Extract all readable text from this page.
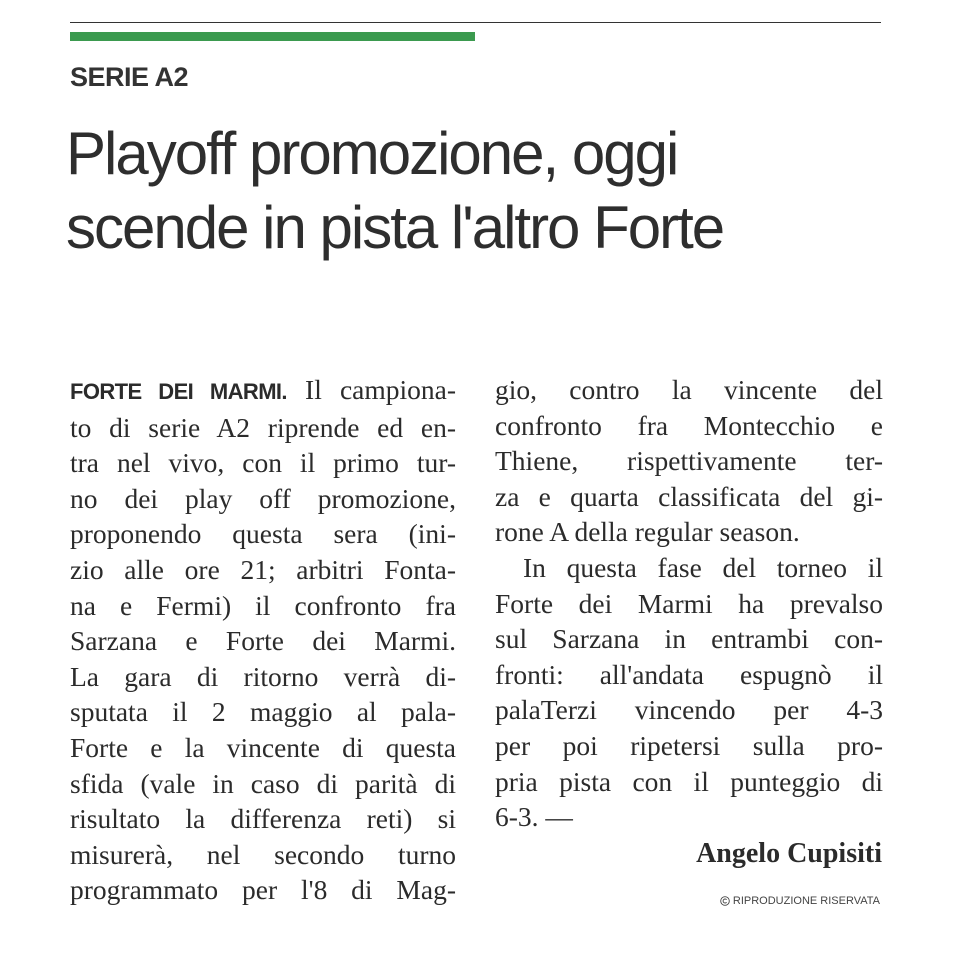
SERIE A2
Playoff promozione, oggi
scende in pista l'altro Forte
FORTE DEI MARMI. Il campiona-
to di serie A2 riprende ed en-
tra nel vivo, con il primo tur-
no dei play off promozione,
proponendo questa sera (ini-
zio alle ore 21; arbitri Fonta-
na e Fermi) il confronto fra
Sarzana e Forte dei Marmi.
La gara di ritorno verrà di-
sputata il 2 maggio al pala-
Forte e la vincente di questa
sfida (vale in caso di parità di
risultato la differenza reti) si
misurerà, nel secondo turno
programmato per l'8 di Mag-
gio, contro la vincente del
confronto fra Montecchio e
Thiene, rispettivamente ter-
za e quarta classificata del gi-
rone A della regular season.
In questa fase del torneo il
Forte dei Marmi ha prevalso
sul Sarzana in entrambi con-
fronti: all'andata espugnò il
palaTerzi vincendo per 4-3
per poi ripetersi sulla pro-
pria pista con il punteggio di
6-3. —
Angelo Cupisiti
RIPRODUZIONE RISERVATA
